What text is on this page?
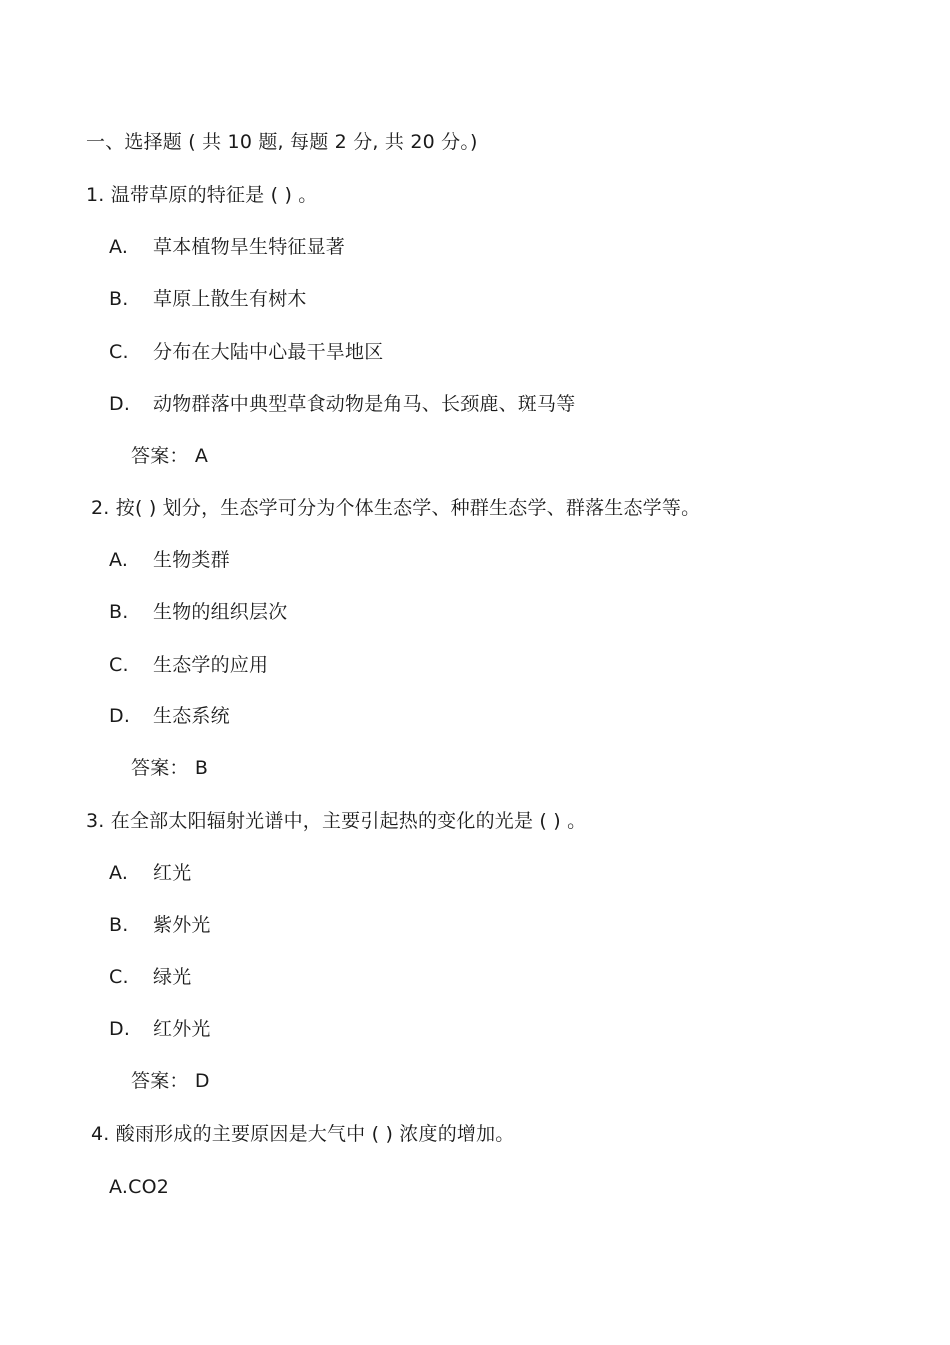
一、选择题 ( 共 10 题, 每题 2 分, 共 20 分。)
1. 温带草原的特征是 ( ) 。
A. 草本植物旱生特征显著
B. 草原上散生有树木
C. 分布在大陆中心最干旱地区
D. 动物群落中典型草食动物是角马、长颈鹿、斑马等
答案： A
2. 按( ) 划分，生态学可分为个体生态学、种群生态学、群落生态学等。
A. 生物类群
B. 生物的组织层次
C. 生态学的应用
D. 生态系统
答案： B
3. 在全部太阳辐射光谱中，主要引起热的变化的光是 ( ) 。
A. 红光
B. 紫外光
C. 绿光
D. 红外光
答案： D
4. 酸雨形成的主要原因是大气中 ( ) 浓度的增加。
A.CO2
